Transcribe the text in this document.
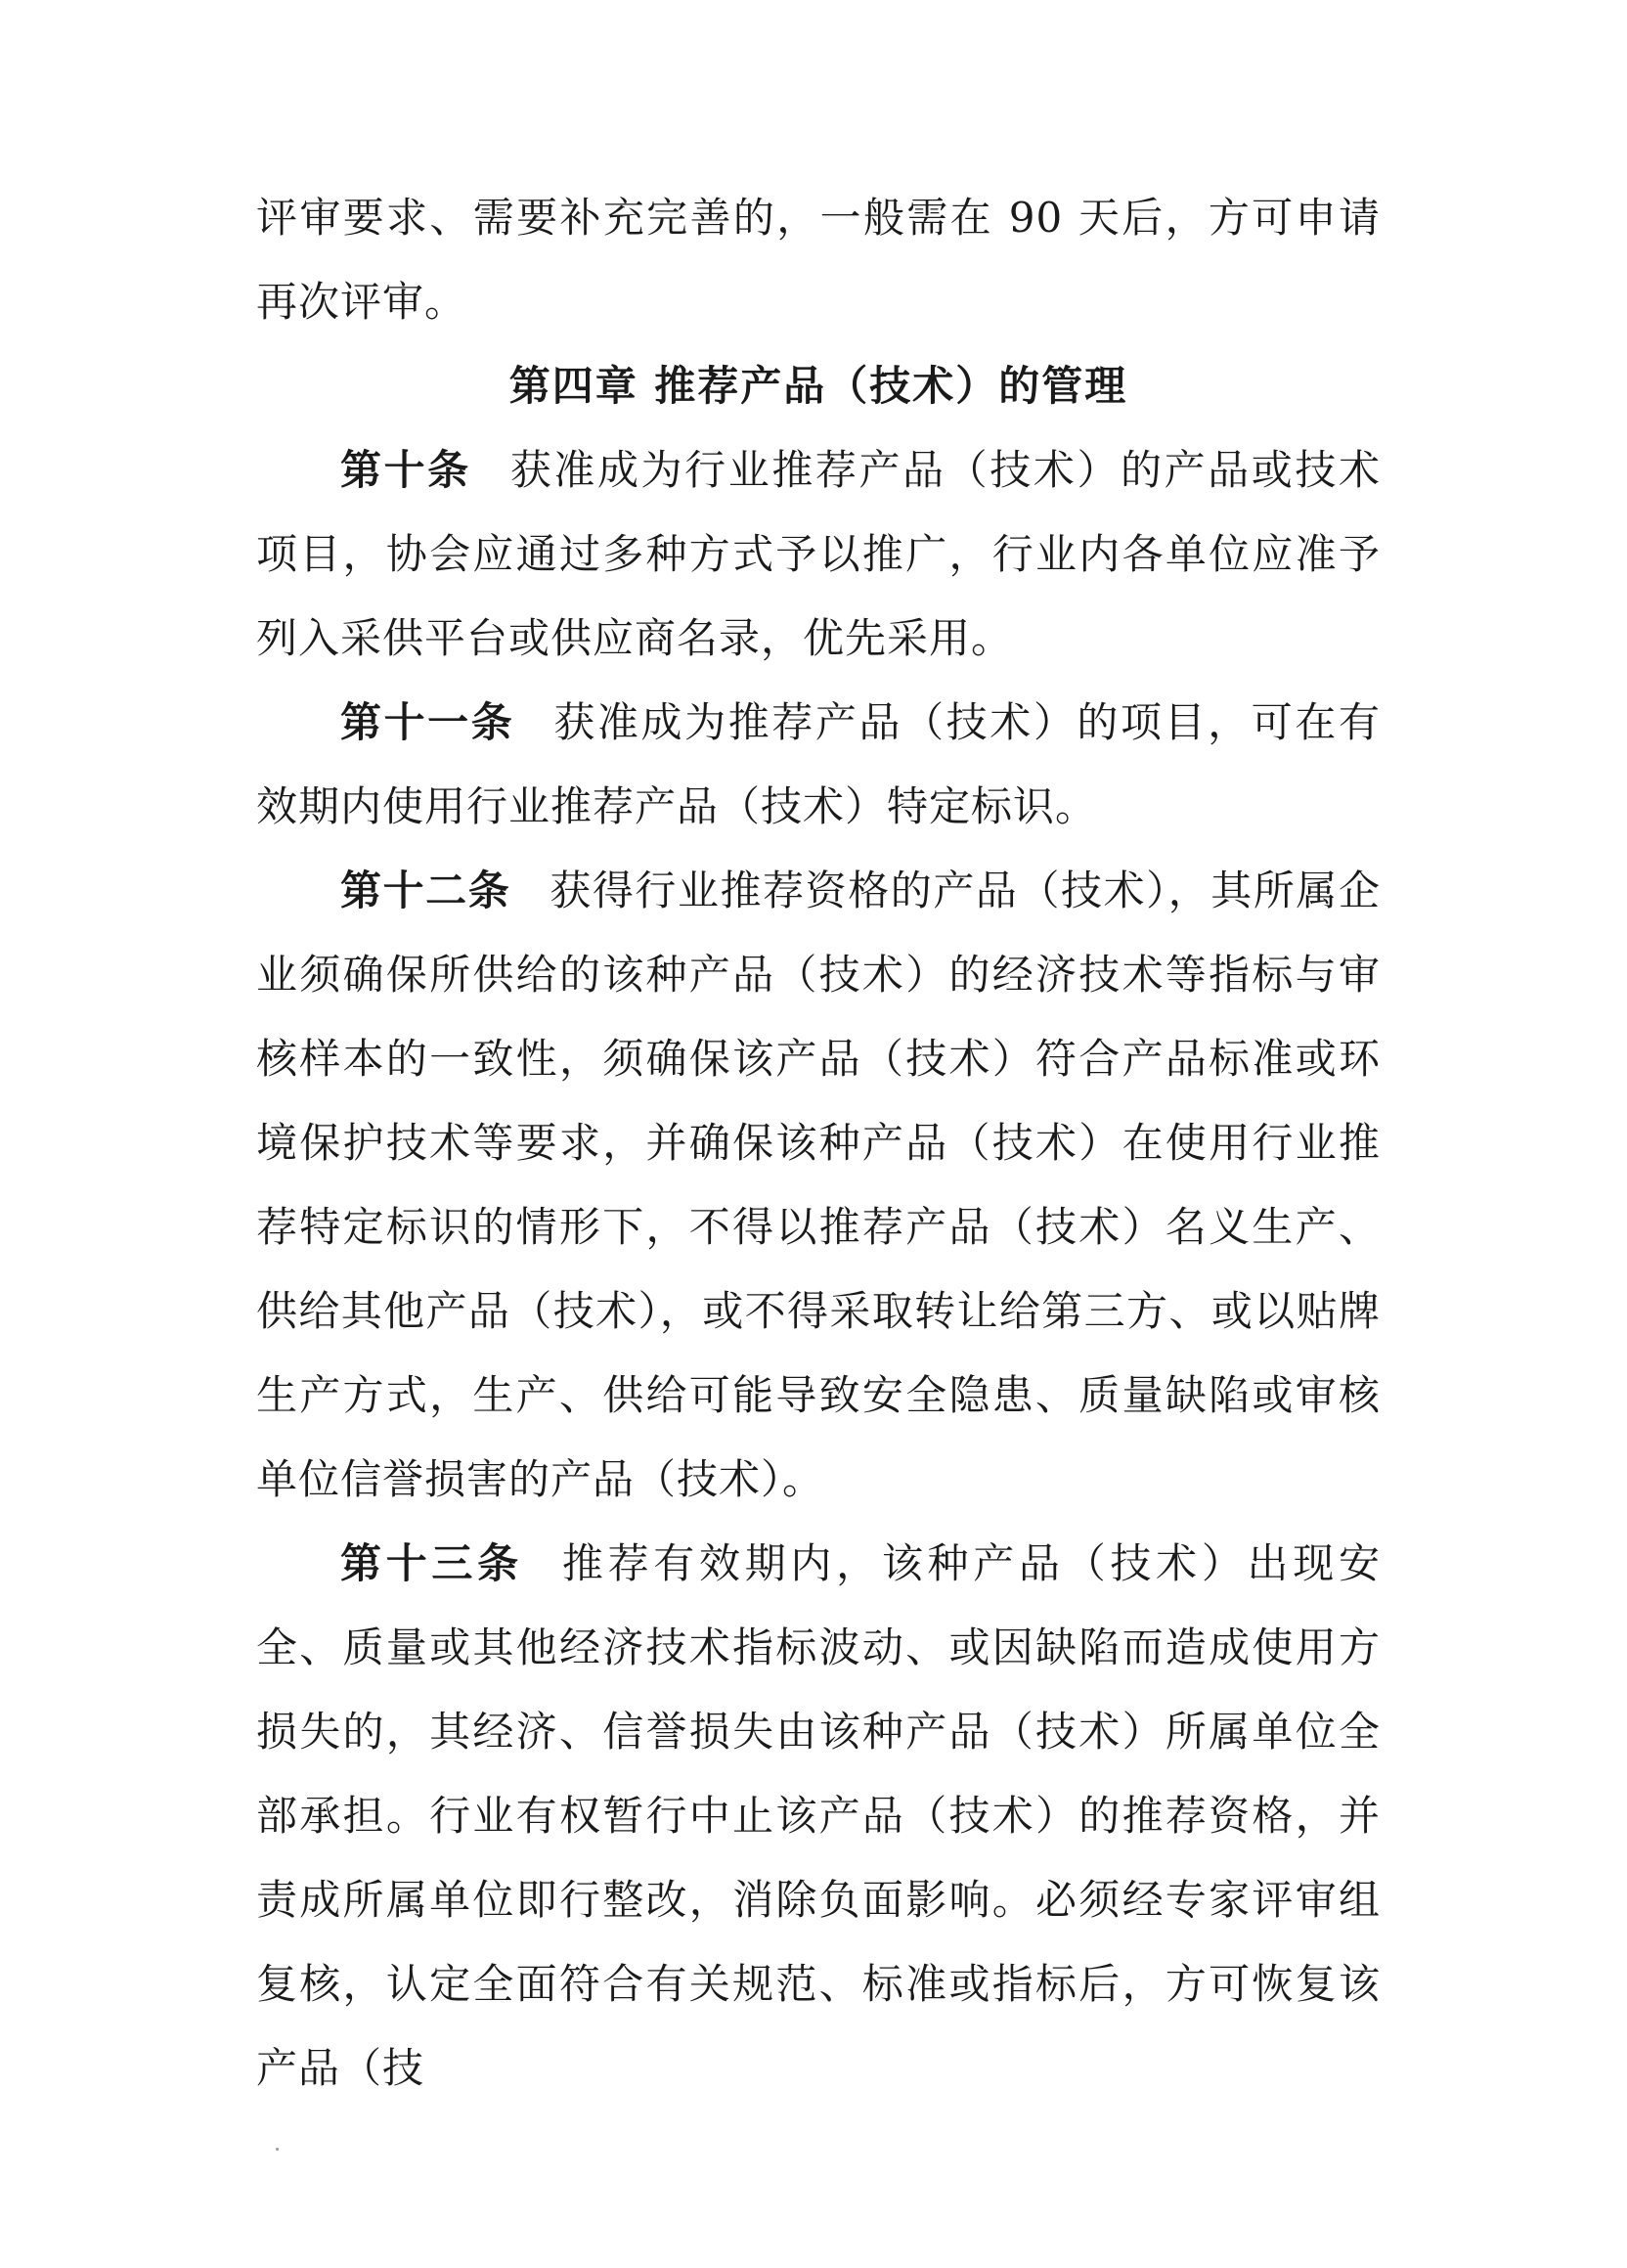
评审要求、需要补充完善的，一般需在 90 天后，方可申请再次评审。

第四章 推荐产品（技术）的管理

第十条 获准成为行业推荐产品（技术）的产品或技术项目，协会应通过多种方式予以推广，行业内各单位应准予列入采供平台或供应商名录，优先采用。

第十一条 获准成为推荐产品（技术）的项目，可在有效期内使用行业推荐产品（技术）特定标识。

第十二条 获得行业推荐资格的产品（技术），其所属企业须确保所供给的该种产品（技术）的经济技术等指标与审核样本的一致性，须确保该产品（技术）符合产品标准或环境保护技术等要求，并确保该种产品（技术）在使用行业推荐特定标识的情形下，不得以推荐产品（技术）名义生产、供给其他产品（技术），或不得采取转让给第三方、或以贴牌生产方式，生产、供给可能导致安全隐患、质量缺陷或审核单位信誉损害的产品（技术）。

第十三条 推荐有效期内，该种产品（技术）出现安全、质量或其他经济技术指标波动、或因缺陷而造成使用方损失的，其经济、信誉损失由该种产品（技术）所属单位全部承担。行业有权暂行中止该产品（技术）的推荐资格，并责成所属单位即行整改，消除负面影响。必须经专家评审组复核，认定全面符合有关规范、标准或指标后，方可恢复该产品（技
